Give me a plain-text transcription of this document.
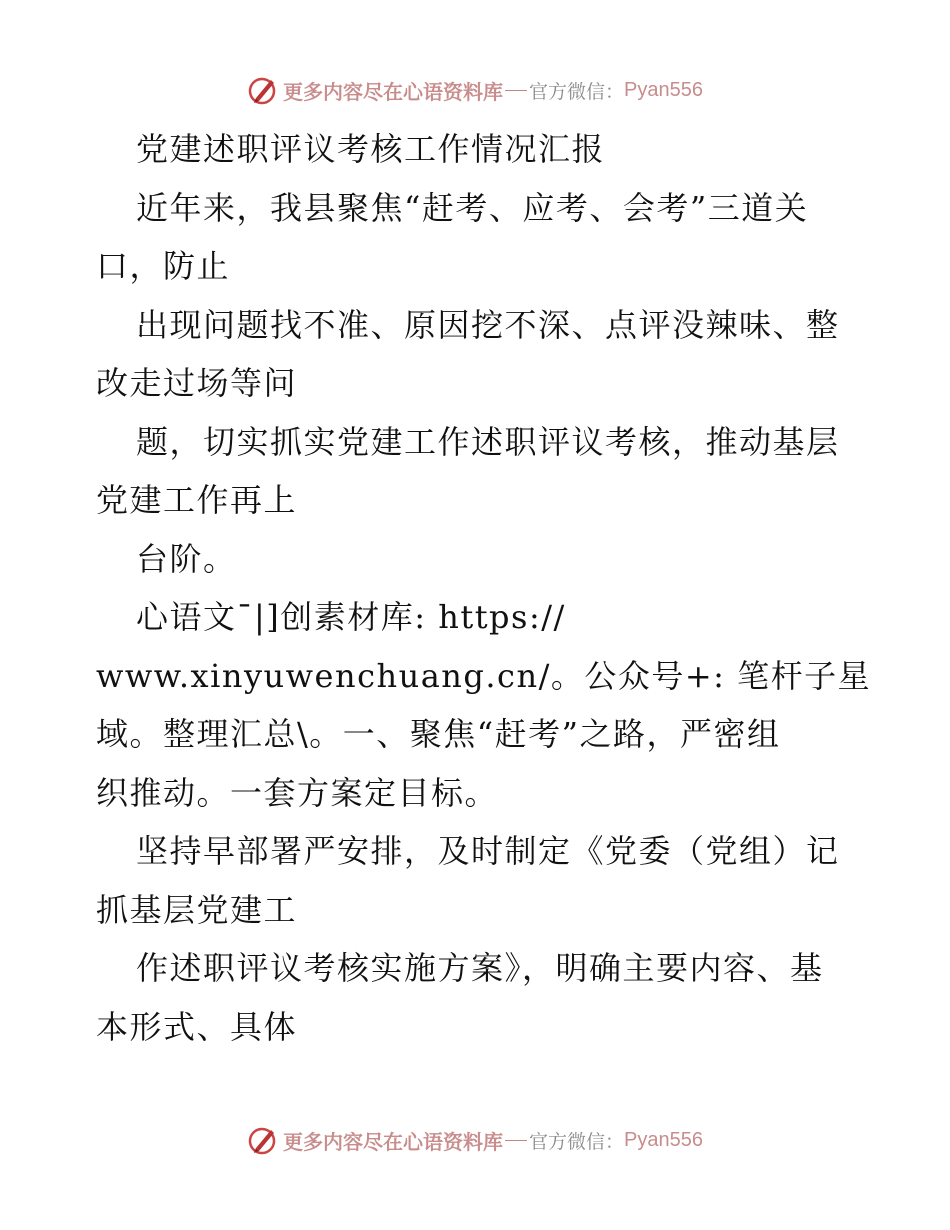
更多内容尽在心语资料库 官方微信： Pyan556
党建述职评议考核工作情况汇报
近年来，我县聚焦“赶考、应考、会考”三道关
口，防止
出现问题找不准、原因挖不深、点评没辣味、整
改走过场等问
题，切实抓实党建工作述职评议考核，推动基层
党建工作再上
台阶。
心语文¯|]创素材库: https://
www.xinyuwenchuang.cn/。公众号+: 笔杆子星
域。整理汇总\。一、聚焦“赶考”之路，严密组
织推动。一套方案定目标。
坚持早部署严安排，及时制定《党委（党组）记
抓基层党建工
作述职评议考核实施方案》，明确主要内容、基
本形式、具体
更多内容尽在心语资料库 官方微信： Pyan556
